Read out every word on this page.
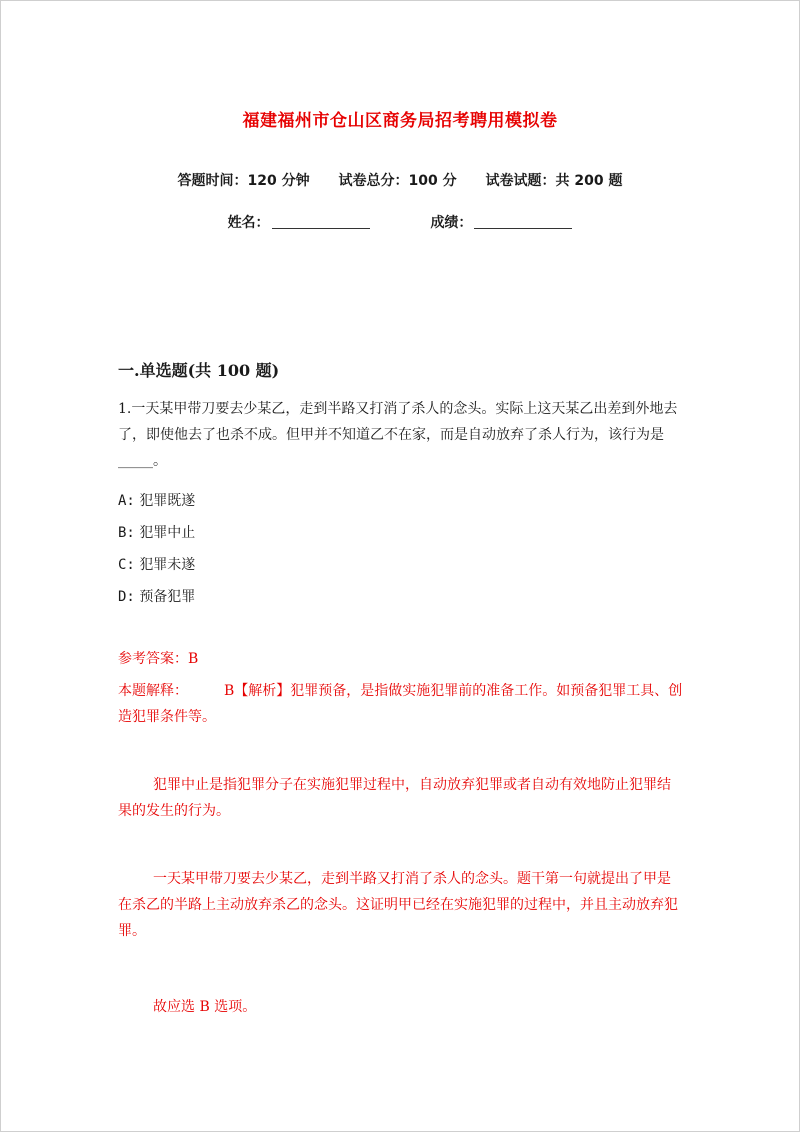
福建福州市仓山区商务局招考聘用模拟卷
答题时间：120 分钟 试卷总分：100 分 试卷试题：共 200 题
姓名：	成绩：
一.单选题(共 100 题)
1.一天某甲带刀要去少某乙，走到半路又打消了杀人的念头。实际上这天某乙出差到外地去了，即使他去了也杀不成。但甲并不知道乙不在家，而是自动放弃了杀人行为，该行为是_____。
A: 犯罪既遂
B: 犯罪中止
C: 犯罪未遂
D: 预备犯罪
参考答案：B
本题解释：	B【解析】犯罪预备，是指做实施犯罪前的准备工作。如预备犯罪工具、创造犯罪条件等。
犯罪中止是指犯罪分子在实施犯罪过程中，自动放弃犯罪或者自动有效地防止犯罪结果的发生的行为。
一天某甲带刀要去少某乙，走到半路又打消了杀人的念头。题干第一句就提出了甲是在杀乙的半路上主动放弃杀乙的念头。这证明甲已经在实施犯罪的过程中，并且主动放弃犯罪。
故应选 B 选项。
